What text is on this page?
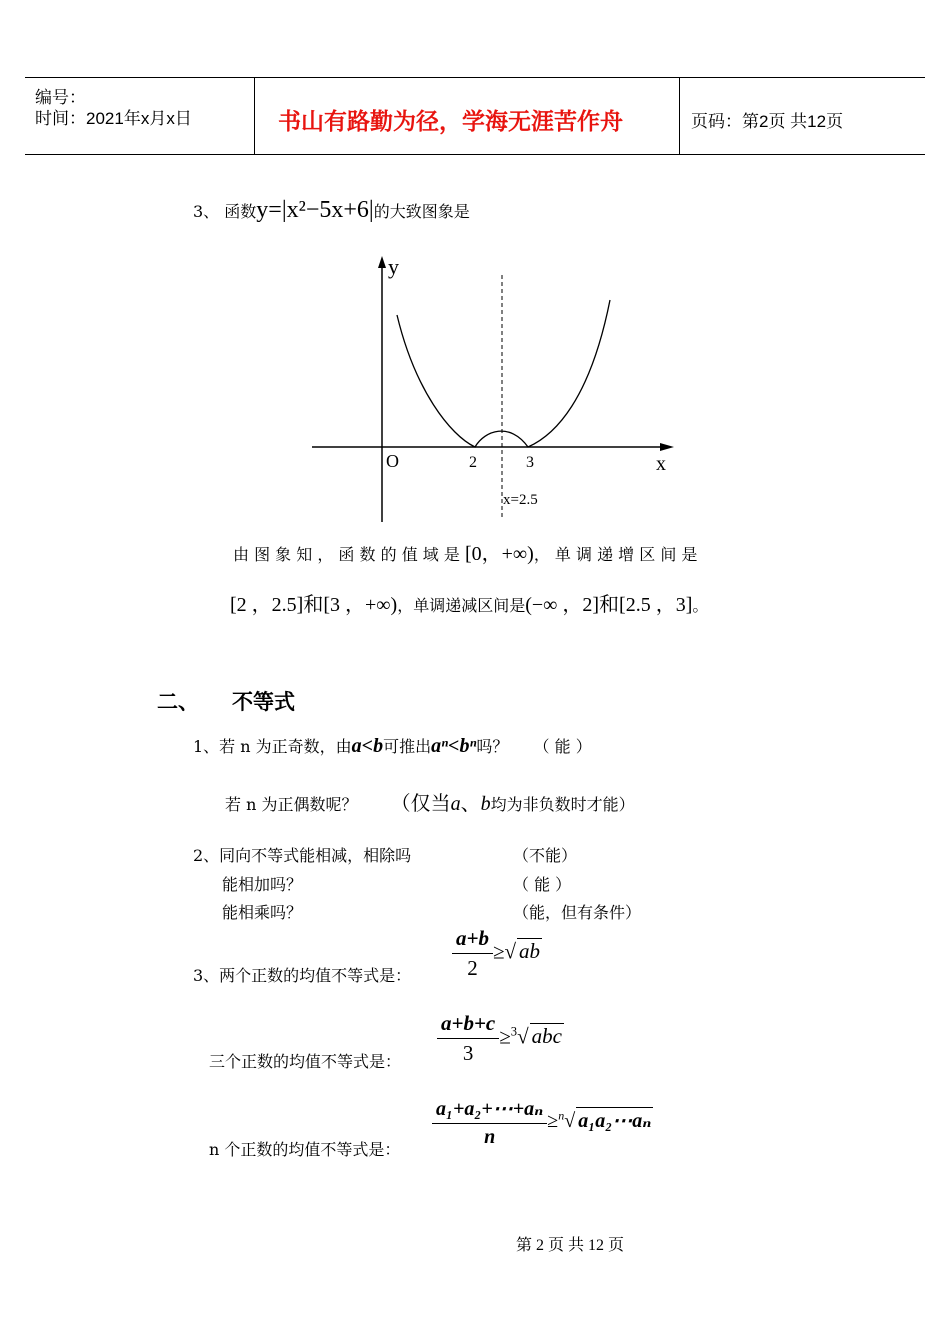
编号：
时间：2021年x月x日	书山有路勤为径，学海无涯苦作舟	页码：第2页 共12页
3、 函数y=|x²−5x+6|的大致图象是
y
x
O	2	3
x=2.5
由 图 象 知 ， 函 数 的 值 域 是 [0，+∞)， 单 调 递 增 区 间 是
[2 ，2.5]和[3 ，+∞)，单调递减区间是(−∞ ，2]和[2.5 ，3]。
二、 不等式
1、若 n 为正奇数，由a<b可推出aⁿ<bⁿ吗？ （ 能 ）
若 n 为正偶数呢？ （仅当a、b均为非负数时才能）
2、同向不等式能相减，相除吗	（不能）
能相加吗？	（ 能 ）
能相乘吗？	（能，但有条件）
3、两个正数的均值不等式是： $\frac{a+b}{2}$ ≥√ ab
三个正数的均值不等式是： $\frac{a+b+c}{3} \ge^3√$ abc
n 个正数的均值不等式是：
$\frac{\text{a₁+a₂+⋯+aₙ}}{n} \ge^n√$ a₁a₂⋯aₙ
第 2 页 共 12 页
